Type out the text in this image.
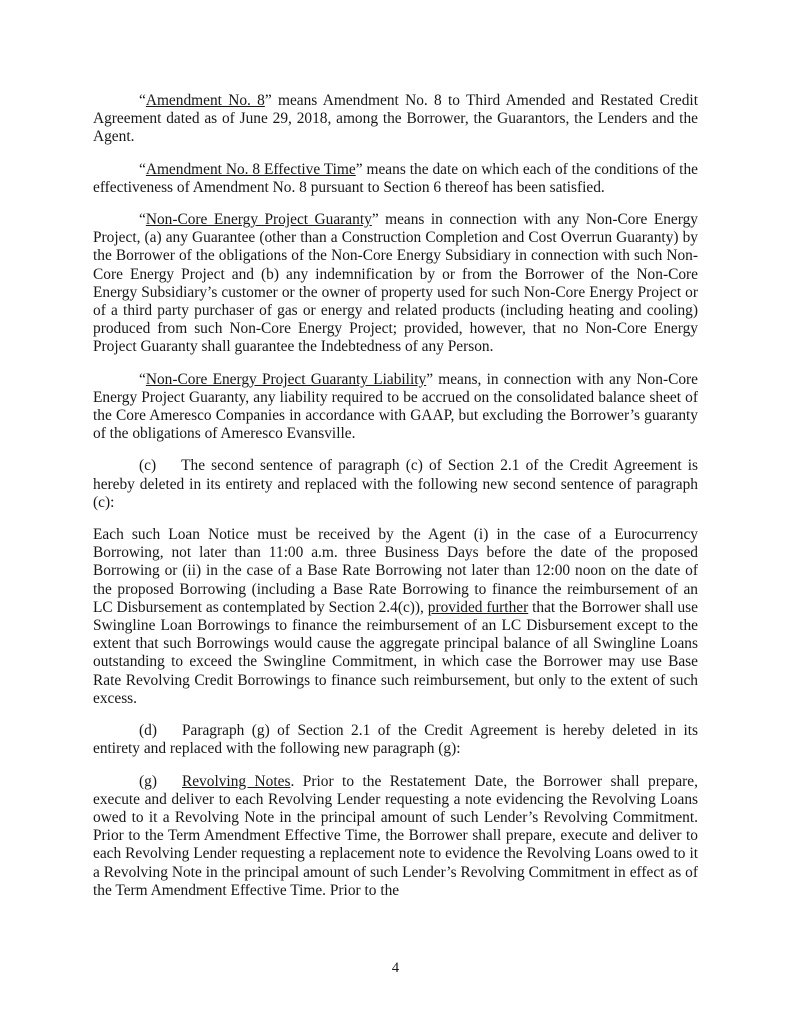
“Amendment No. 8” means Amendment No. 8 to Third Amended and Restated Credit Agreement dated as of June 29, 2018, among the Borrower, the Guarantors, the Lenders and the Agent.

“Amendment No. 8 Effective Time” means the date on which each of the conditions of the effectiveness of Amendment No. 8 pursuant to Section 6 thereof has been satisfied.

“Non-Core Energy Project Guaranty” means in connection with any Non-Core Energy Project, (a) any Guarantee (other than a Construction Completion and Cost Overrun Guaranty) by the Borrower of the obligations of the Non-Core Energy Subsidiary in connection with such Non-Core Energy Project and (b) any indemnification by or from the Borrower of the Non-Core Energy Subsidiary’s customer or the owner of property used for such Non-Core Energy Project or of a third party purchaser of gas or energy and related products (including heating and cooling) produced from such Non-Core Energy Project; provided, however, that no Non-Core Energy Project Guaranty shall guarantee the Indebtedness of any Person.

“Non-Core Energy Project Guaranty Liability” means, in connection with any Non-Core Energy Project Guaranty, any liability required to be accrued on the consolidated balance sheet of the Core Ameresco Companies in accordance with GAAP, but excluding the Borrower’s guaranty of the obligations of Ameresco Evansville.

(c) The second sentence of paragraph (c) of Section 2.1 of the Credit Agreement is hereby deleted in its entirety and replaced with the following new second sentence of paragraph (c):

Each such Loan Notice must be received by the Agent (i) in the case of a Eurocurrency Borrowing, not later than 11:00 a.m. three Business Days before the date of the proposed Borrowing or (ii) in the case of a Base Rate Borrowing not later than 12:00 noon on the date of the proposed Borrowing (including a Base Rate Borrowing to finance the reimbursement of an LC Disbursement as contemplated by Section 2.4(c)), provided further that the Borrower shall use Swingline Loan Borrowings to finance the reimbursement of an LC Disbursement except to the extent that such Borrowings would cause the aggregate principal balance of all Swingline Loans outstanding to exceed the Swingline Commitment, in which case the Borrower may use Base Rate Revolving Credit Borrowings to finance such reimbursement, but only to the extent of such excess.

(d) Paragraph (g) of Section 2.1 of the Credit Agreement is hereby deleted in its entirety and replaced with the following new paragraph (g):

(g) Revolving Notes. Prior to the Restatement Date, the Borrower shall prepare, execute and deliver to each Revolving Lender requesting a note evidencing the Revolving Loans owed to it a Revolving Note in the principal amount of such Lender’s Revolving Commitment. Prior to the Term Amendment Effective Time, the Borrower shall prepare, execute and deliver to each Revolving Lender requesting a replacement note to evidence the Revolving Loans owed to it a Revolving Note in the principal amount of such Lender’s Revolving Commitment in effect as of the Term Amendment Effective Time. Prior to the

4
